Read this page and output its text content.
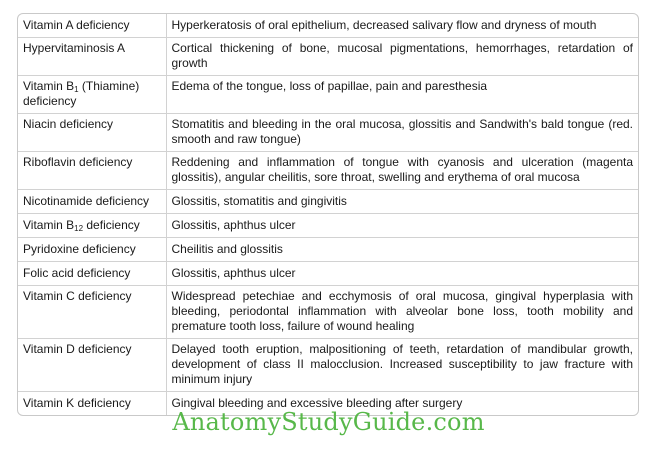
Vitamin A deficiency	Hyperkeratosis of oral epithelium, decreased salivary flow and dryness of mouth
Hypervitaminosis A	Cortical thickening of bone, mucosal pigmentations, hemorrhages, retardation of growth
Vitamin $B_1$ (Thiamine) deficiency	Edema of the tongue, loss of papillae, pain and paresthesia
Niacin deficiency	Stomatitis and bleeding in the oral mucosa, glossitis and Sandwith's bald tongue (red. smooth and raw tongue)
Riboflavin deficiency	Reddening and inflammation of tongue with cyanosis and ulceration (magenta glossitis), angular cheilitis, sore throat, swelling and erythema of oral mucosa
Nicotinamide deficiency	Glossitis, stomatitis and gingivitis
Vitamin $B_{12}$ deficiency	Glossitis, aphthus ulcer
Pyridoxine deficiency	Cheilitis and glossitis
Folic acid deficiency	Glossitis, aphthus ulcer
Vitamin C deficiency	Widespread petechiae and ecchymosis of oral mucosa, gingival hyperplasia with bleeding, periodontal inflammation with alveolar bone loss, tooth mobility and premature tooth loss, failure of wound healing
Vitamin D deficiency	Delayed tooth eruption, malpositioning of teeth, retardation of mandibular growth, development of class II malocclusion. Increased susceptibility to jaw fracture with minimum injury
Vitamin K deficiency	Gingival bleeding and excessive bleeding after surgery
AnatomyStudyGuide.com
